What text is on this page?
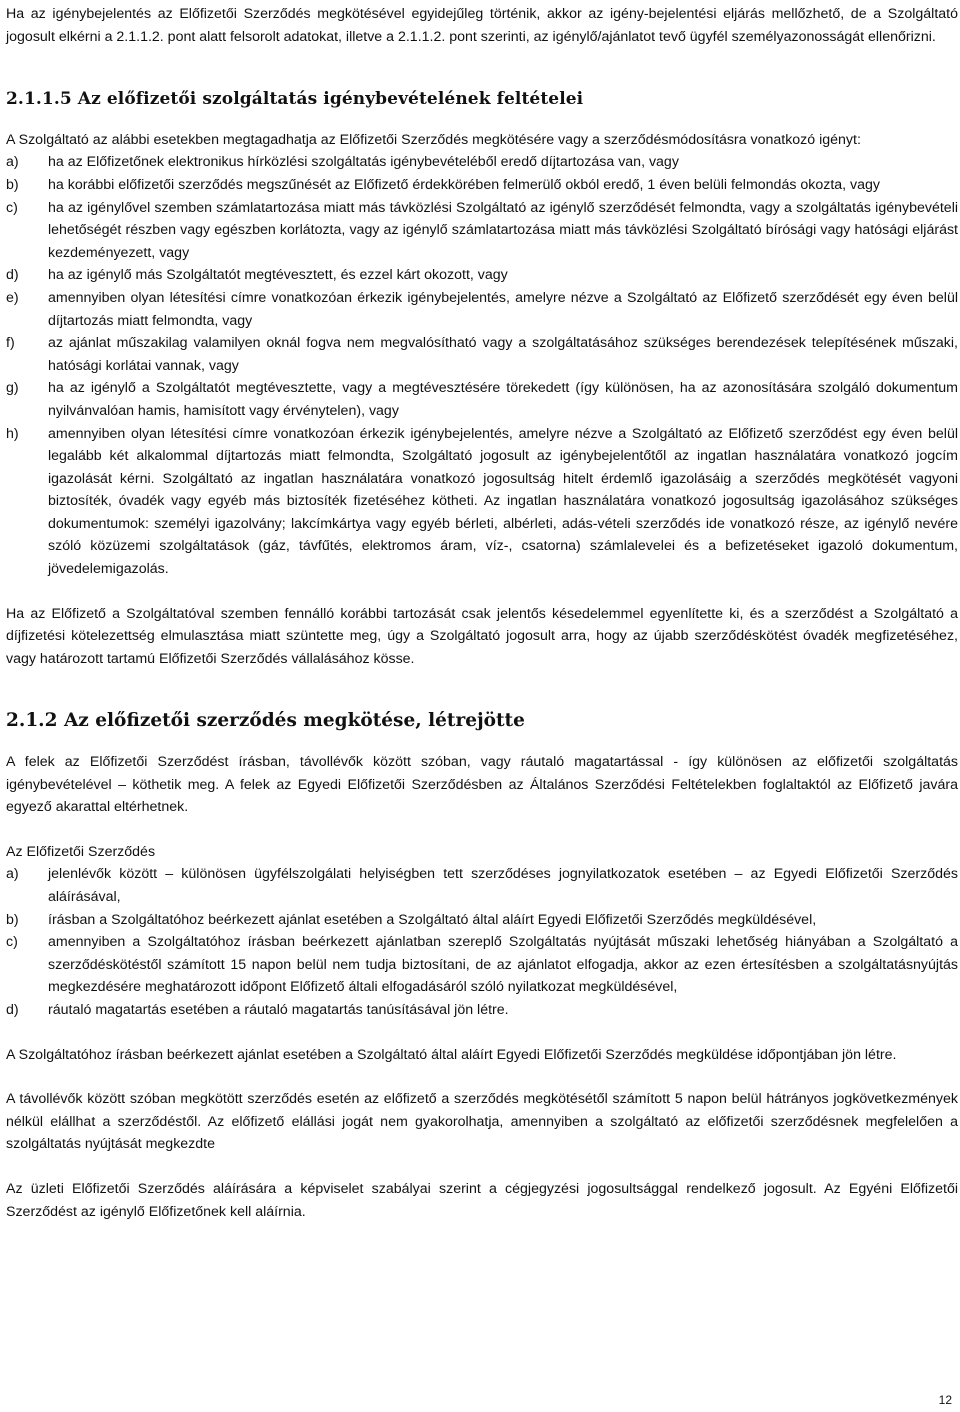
Ha az igénybejelentés az Előfizetői Szerződés megkötésével egyidejűleg történik, akkor az igény-bejelentési eljárás mellőzhető, de a Szolgáltató jogosult elkérni a 2.1.1.2. pont alatt felsorolt adatokat, illetve a 2.1.1.2. pont szerinti, az igénylő/ajánlatot tevő ügyfél személyazonosságát ellenőrizni.

2.1.1.5 Az előfizetői szolgáltatás igénybevételének feltételei

A Szolgáltató az alábbi esetekben megtagadhatja az Előfizetői Szerződés megkötésére vagy a szerződésmódosításra vonatkozó igényt:

a) ha az Előfizetőnek elektronikus hírközlési szolgáltatás igénybevételéből eredő díjtartozása van, vagy
b) ha korábbi előfizetői szerződés megszűnését az Előfizető érdekkörében felmerülő okból eredő, 1 éven belüli felmondás okozta, vagy
c) ha az igénylővel szemben számlatartozása miatt más távközlési Szolgáltató az igénylő szerződését felmondta, vagy a szolgáltatás igénybevételi lehetőségét részben vagy egészben korlátozta, vagy az igénylő számlatartozása miatt más távközlési Szolgáltató bírósági vagy hatósági eljárást kezdeményezett, vagy
d) ha az igénylő más Szolgáltatót megtévesztett, és ezzel kárt okozott, vagy
e) amennyiben olyan létesítési címre vonatkozóan érkezik igénybejelentés, amelyre nézve a Szolgáltató az Előfizető szerződését egy éven belül díjtartozás miatt felmondta, vagy
f) az ajánlat műszakilag valamilyen oknál fogva nem megvalósítható vagy a szolgáltatásához szükséges berendezések telepítésének műszaki, hatósági korlátai vannak, vagy
g) ha az igénylő a Szolgáltatót megtévesztette, vagy a megtévesztésére törekedett (így különösen, ha az azonosítására szolgáló dokumentum nyilvánvalóan hamis, hamisított vagy érvénytelen), vagy
h) amennyiben olyan létesítési címre vonatkozóan érkezik igénybejelentés, amelyre nézve a Szolgáltató az Előfizető szerződést egy éven belül legalább két alkalommal díjtartozás miatt felmondta, Szolgáltató jogosult az igénybejelentőtől az ingatlan használatára vonatkozó jogcím igazolását kérni. Szolgáltató az ingatlan használatára vonatkozó jogosultság hitelt érdemlő igazolásáig a szerződés megkötését vagyoni biztosíték, óvadék vagy egyéb más biztosíték fizetéséhez kötheti. Az ingatlan használatára vonatkozó jogosultság igazolásához szükséges dokumentumok: személyi igazolvány; lakcímkártya vagy egyéb bérleti, albérleti, adás-vételi szerződés ide vonatkozó része, az igénylő nevére szóló közüzemi szolgáltatások (gáz, távfűtés, elektromos áram, víz-, csatorna) számlalevelei és a befizetéseket igazoló dokumentum, jövedelemigazolás.

Ha az Előfizető a Szolgáltatóval szemben fennálló korábbi tartozását csak jelentős késedelemmel egyenlítette ki, és a szerződést a Szolgáltató a díjfizetési kötelezettség elmulasztása miatt szüntette meg, úgy a Szolgáltató jogosult arra, hogy az újabb szerződéskötést óvadék megfizetéséhez, vagy határozott tartamú Előfizetői Szerződés vállalásához kösse.

2.1.2 Az előfizetői szerződés megkötése, létrejötte

A felek az Előfizetői Szerződést írásban, távollévők között szóban, vagy ráutaló magatartással - így különösen az előfizetői szolgáltatás igénybevételével – köthetik meg. A felek az Egyedi Előfizetői Szerződésben az Általános Szerződési Feltételekben foglaltaktól az Előfizető javára egyező akarattal eltérhetnek.

Az Előfizetői Szerződés

a) jelenlévők között – különösen ügyfélszolgálati helyiségben tett szerződéses jognyilatkozatok esetében – az Egyedi Előfizetői Szerződés aláírásával,
b) írásban a Szolgáltatóhoz beérkezett ajánlat esetében a Szolgáltató által aláírt Egyedi Előfizetői Szerződés megküldésével,
c) amennyiben a Szolgáltatóhoz írásban beérkezett ajánlatban szereplő Szolgáltatás nyújtását műszaki lehetőség hiányában a Szolgáltató a szerződéskötéstől számított 15 napon belül nem tudja biztosítani, de az ajánlatot elfogadja, akkor az ezen értesítésben a szolgáltatásnyújtás megkezdésére meghatározott időpont Előfizető általi elfogadásáról szóló nyilatkozat megküldésével,
d) ráutaló magatartás esetében a ráutaló magatartás tanúsításával jön létre.

A Szolgáltatóhoz írásban beérkezett ajánlat esetében a Szolgáltató által aláírt Egyedi Előfizetői Szerződés megküldése időpontjában jön létre.

A távollévők között szóban megkötött szerződés esetén az előfizető a szerződés megkötésétől számított 5 napon belül hátrányos jogkövetkezmények nélkül elállhat a szerződéstől. Az előfizető elállási jogát nem gyakorolhatja, amennyiben a szolgáltató az előfizetői szerződésnek megfelelően a szolgáltatás nyújtását megkezdte

Az üzleti Előfizetői Szerződés aláírására a képviselet szabályai szerint a cégjegyzési jogosultsággal rendelkező jogosult. Az Egyéni Előfizetői Szerződést az igénylő Előfizetőnek kell aláírnia.

12
